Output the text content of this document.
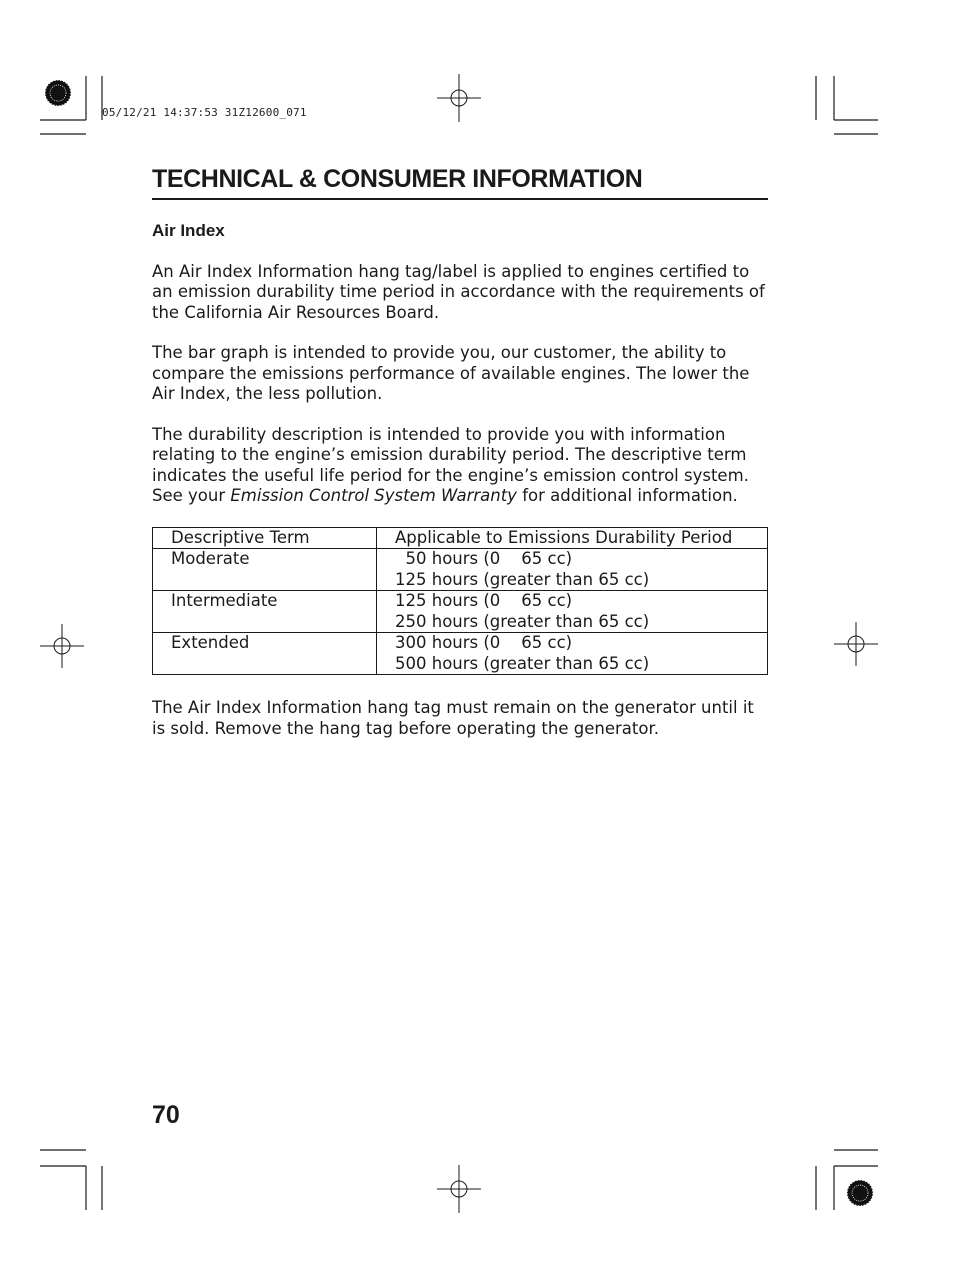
05/12/21 14:37:53 31Z12600_071
TECHNICAL & CONSUMER INFORMATION
Air Index

An Air Index Information hang tag/label is applied to engines certified to an emission durability time period in accordance with the requirements of the California Air Resources Board.

The bar graph is intended to provide you, our customer, the ability to compare the emissions performance of available engines. The lower the Air Index, the less pollution.

The durability description is intended to provide you with information relating to the engine’s emission durability period. The descriptive term indicates the useful life period for the engine’s emission control system. See your Emission Control System Warranty for additional information.

Descriptive Term	Applicable to Emissions Durability Period
Moderate	50 hours (0    65 cc)
125 hours (greater than 65 cc)

Intermediate	125 hours (0    65 cc)
250 hours (greater than 65 cc)

Extended	300 hours (0    65 cc)
500 hours (greater than 65 cc)

The Air Index Information hang tag must remain on the generator until it is sold. Remove the hang tag before operating the generator.

70
